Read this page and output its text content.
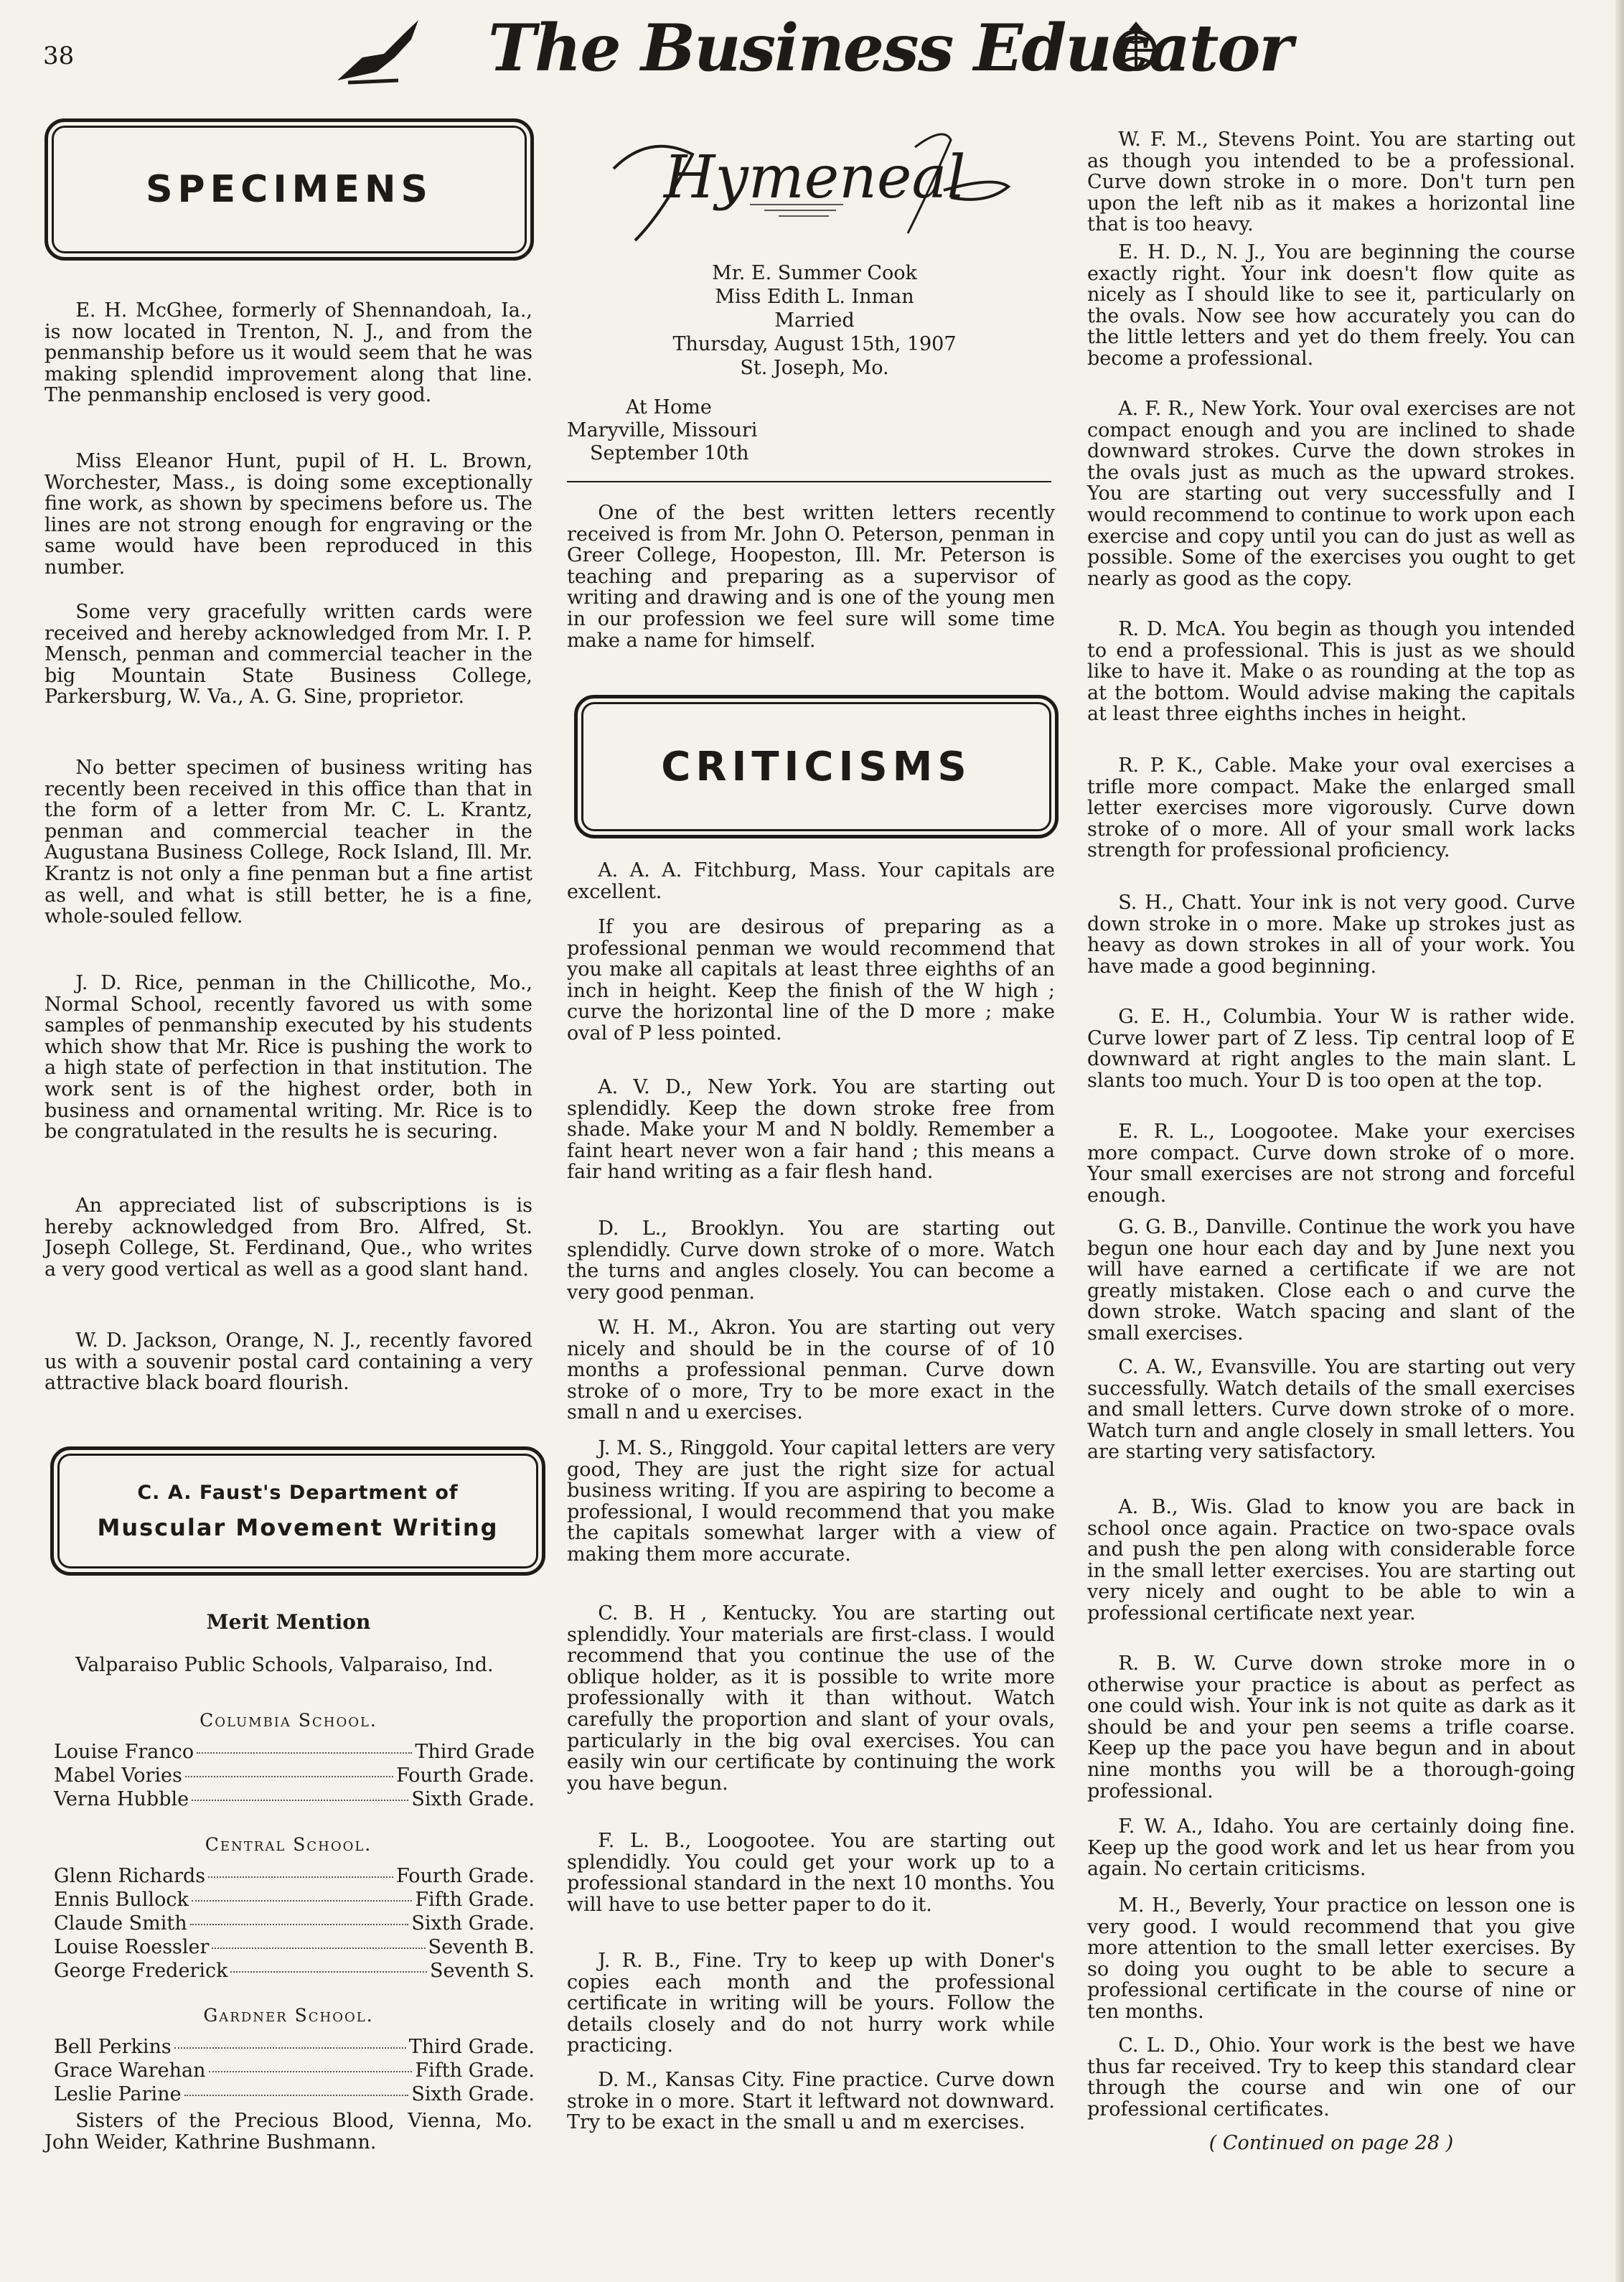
38	The Business Educator
SPECIMENS
E. H. McGhee, formerly of Shennandoah, Ia., is now located in Trenton, N. J., and from the penmanship before us it would seem that he was making splendid improvement along that line. The penmanship enclosed is very good.
Miss Eleanor Hunt, pupil of H. L. Brown, Worchester, Mass., is doing some exceptionally fine work, as shown by specimens before us. The lines are not strong enough for engraving or the same would have been reproduced in this number.
Some very gracefully written cards were received and hereby acknowledged from Mr. I. P. Mensch, penman and commercial teacher in the big Mountain State Business College, Parkersburg, W. Va., A. G. Sine, proprietor.
No better specimen of business writing has recently been received in this office than that in the form of a letter from Mr. C. L. Krantz, penman and commercial teacher in the Augustana Business College, Rock Island, Ill. Mr. Krantz is not only a fine penman but a fine artist as well, and what is still better, he is a fine, whole-souled fellow.
J. D. Rice, penman in the Chillicothe, Mo., Normal School, recently favored us with some samples of penmanship executed by his students which show that Mr. Rice is pushing the work to a high state of perfection in that institution. The work sent is of the highest order, both in business and ornamental writing. Mr. Rice is to be congratulated in the results he is securing.
An appreciated list of subscriptions is is hereby acknowledged from Bro. Alfred, St. Joseph College, St. Ferdinand, Que., who writes a very good vertical as well as a good slant hand.
W. D. Jackson, Orange, N. J., recently favored us with a souvenir postal card containing a very attractive black board flourish.
C. A. Faust's Department of
Muscular Movement Writing
Merit Mention
Valparaiso Public Schools, Valparaiso, Ind.
Columbia School.
Louise Franco	Third Grade
Mabel Vories	Fourth Grade.
Verna Hubble	Sixth Grade.
Central School.
Glenn Richards	Fourth Grade.
Ennis Bullock	Fifth Grade.
Claude Smith	Sixth Grade.
Louise Roessler	Seventh B.
George Frederick	Seventh S.
Gardner School.
Bell Perkins	Third Grade.
Grace Warehan	Fifth Grade.
Leslie Parine	Sixth Grade.
Sisters of the Precious Blood, Vienna, Mo. John Weider, Kathrine Bushmann.
Hymeneal
Mr. E. Summer Cook
Miss Edith L. Inman
Married
Thursday, August 15th, 1907
St. Joseph, Mo.
At Home
Maryville, Missouri
September 10th
One of the best written letters recently received is from Mr. John O. Peterson, penman in Greer College, Hoopeston, Ill. Mr. Peterson is teaching and preparing as a supervisor of writing and drawing and is one of the young men in our profession we feel sure will some time make a name for himself.
CRITICISMS
A. A. A. Fitchburg, Mass. Your capitals are excellent.
If you are desirous of preparing as a professional penman we would recommend that you make all capitals at least three eighths of an inch in height. Keep the finish of the W high ; curve the horizontal line of the D more ; make oval of P less pointed.
A. V. D., New York. You are starting out splendidly. Keep the down stroke free from shade. Make your M and N boldly. Remember a faint heart never won a fair hand ; this means a fair hand writing as a fair flesh hand.
D. L., Brooklyn. You are starting out splendidly. Curve down stroke of o more. Watch the turns and angles closely. You can become a very good penman.
W. H. M., Akron. You are starting out very nicely and should be in the course of of 10 months a professional penman. Curve down stroke of o more, Try to be more exact in the small n and u exercises.
J. M. S., Ringgold. Your capital letters are very good, They are just the right size for actual business writing. If you are aspiring to become a professional, I would recommend that you make the capitals somewhat larger with a view of making them more accurate.
C. B. H , Kentucky. You are starting out splendidly. Your materials are first-class. I would recommend that you continue the use of the oblique holder, as it is possible to write more professionally with it than without. Watch carefully the proportion and slant of your ovals, particularly in the big oval exercises. You can easily win our certificate by continuing the work you have begun.
F. L. B., Loogootee. You are starting out splendidly. You could get your work up to a professional standard in the next 10 months. You will have to use better paper to do it.
J. R. B., Fine. Try to keep up with Doner's copies each month and the professional certificate in writing will be yours. Follow the details closely and do not hurry work while practicing.
D. M., Kansas City. Fine practice. Curve down stroke in o more. Start it leftward not downward. Try to be exact in the small u and m exercises.
W. F. M., Stevens Point. You are starting out as though you intended to be a professional. Curve down stroke in o more. Don't turn pen upon the left nib as it makes a horizontal line that is too heavy.
E. H. D., N. J., You are beginning the course exactly right. Your ink doesn't flow quite as nicely as I should like to see it, particularly on the ovals. Now see how accurately you can do the little letters and yet do them freely. You can become a professional.
A. F. R., New York. Your oval exercises are not compact enough and you are inclined to shade downward strokes. Curve the down strokes in the ovals just as much as the upward strokes. You are starting out very successfully and I would recommend to continue to work upon each exercise and copy until you can do just as well as possible. Some of the exercises you ought to get nearly as good as the copy.
R. D. McA. You begin as though you intended to end a professional. This is just as we should like to have it. Make o as rounding at the top as at the bottom. Would advise making the capitals at least three eighths inches in height.
R. P. K., Cable. Make your oval exercises a trifle more compact. Make the enlarged small letter exercises more vigorously. Curve down stroke of o more. All of your small work lacks strength for professional proficiency.
S. H., Chatt. Your ink is not very good. Curve down stroke in o more. Make up strokes just as heavy as down strokes in all of your work. You have made a good beginning.
G. E. H., Columbia. Your W is rather wide. Curve lower part of Z less. Tip central loop of E downward at right angles to the main slant. L slants too much. Your D is too open at the top.
E. R. L., Loogootee. Make your exercises more compact. Curve down stroke of o more. Your small exercises are not strong and forceful enough.
G. G. B., Danville. Continue the work you have begun one hour each day and by June next you will have earned a certificate if we are not greatly mistaken. Close each o and curve the down stroke. Watch spacing and slant of the small exercises.
C. A. W., Evansville. You are starting out very successfully. Watch details of the small exercises and small letters. Curve down stroke of o more. Watch turn and angle closely in small letters. You are starting very satisfactory.
A. B., Wis. Glad to know you are back in school once again. Practice on two-space ovals and push the pen along with considerable force in the small letter exercises. You are starting out very nicely and ought to be able to win a professional certificate next year.
R. B. W. Curve down stroke more in o otherwise your practice is about as perfect as one could wish. Your ink is not quite as dark as it should be and your pen seems a trifle coarse. Keep up the pace you have begun and in about nine months you will be a thorough-going professional.
F. W. A., Idaho. You are certainly doing fine. Keep up the good work and let us hear from you again. No certain criticisms.
M. H., Beverly, Your practice on lesson one is very good. I would recommend that you give more attention to the small letter exercises. By so doing you ought to be able to secure a professional certificate in the course of nine or ten months.
C. L. D., Ohio. Your work is the best we have thus far received. Try to keep this standard clear through the course and win one of our professional certificates.
( Continued on page 28 )
